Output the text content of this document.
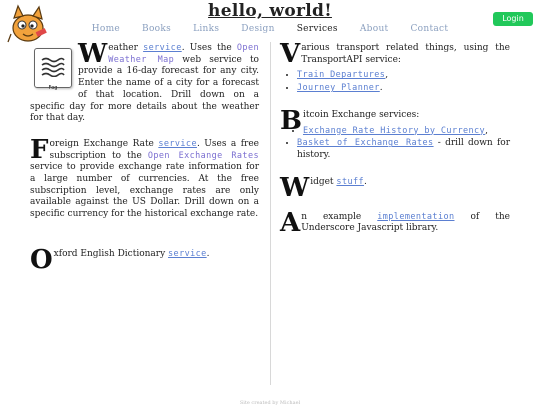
hello, world!
Home Books Links Design Services About Contact
Login
Fog
W eather service. Uses the Open Weather Map web service to provide a 16-day forecast for any city. Enter the name of a city for a forecast of that location. Drill down on a specific day for more details about the weather for that day.
Foreign Exchange Rate service. Uses a free subscription to the Open Exchange Rates service to provide exchange rate information for a large number of currencies. At the free subscription level, exchange rates are only available against the US Dollar. Drill down on a specific currency for the historical exchange rate.
Oxford English Dictionary service.
Various transport related things, using the TransportAPI service:
• Train Departures,
• Journey Planner.
Bitcoin Exchange services:
• Exchange Rate History by Currency,
• Basket of Exchange Rates - drill down for history.
Widget stuff.
An example implementation of the Underscore Javascript library.
Site created by Michael
